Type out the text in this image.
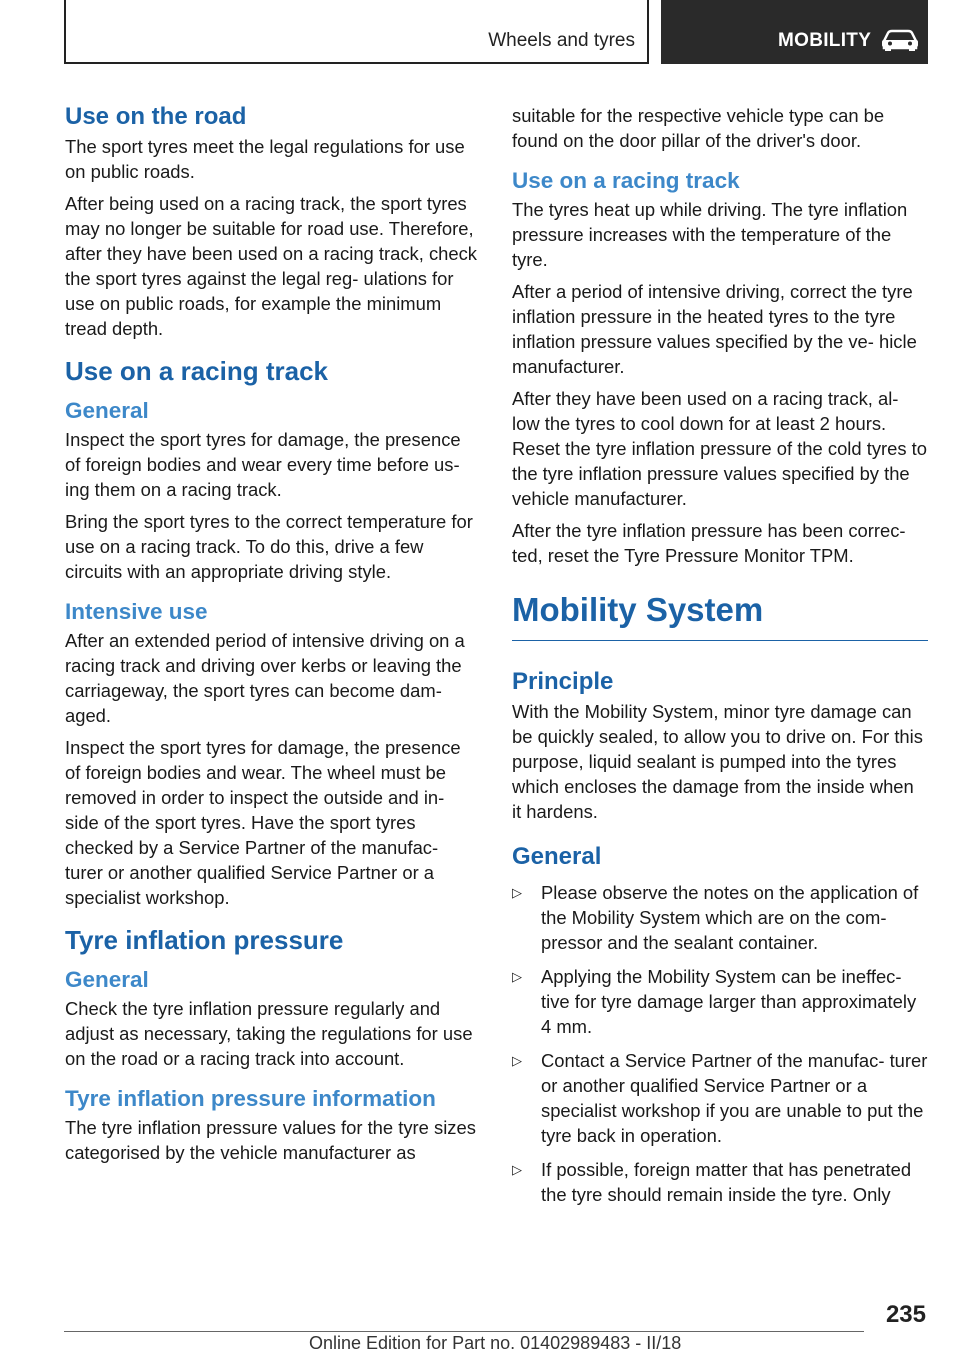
Wheels and tyres	MOBILITY
Use on the road

The sport tyres meet the legal regulations for use on public roads.

After being used on a racing track, the sport tyres may no longer be suitable for road use. Therefore, after they have been used on a racing track, check the sport tyres against the legal reg‐ ulations for use on public roads, for example the minimum tread depth.

Use on a racing track
General

Inspect the sport tyres for damage, the presence of foreign bodies and wear every time before us‐ ing them on a racing track.

Bring the sport tyres to the correct temperature for use on a racing track. To do this, drive a few circuits with an appropriate driving style.

Intensive use

After an extended period of intensive driving on a racing track and driving over kerbs or leaving the carriageway, the sport tyres can become dam‐ aged.

Inspect the sport tyres for damage, the presence of foreign bodies and wear. The wheel must be removed in order to inspect the outside and in‐ side of the sport tyres. Have the sport tyres checked by a Service Partner of the manufac‐ turer or another qualified Service Partner or a specialist workshop.

Tyre inflation pressure
General

Check the tyre inflation pressure regularly and adjust as necessary, taking the regulations for use on the road or a racing track into account.

Tyre inflation pressure information

The tyre inflation pressure values for the tyre sizes categorised by the vehicle manufacturer as

suitable for the respective vehicle type can be found on the door pillar of the driver's door.

Use on a racing track

The tyres heat up while driving. The tyre inflation pressure increases with the temperature of the tyre.

After a period of intensive driving, correct the tyre inflation pressure in the heated tyres to the tyre inflation pressure values specified by the ve‐ hicle manufacturer.

After they have been used on a racing track, al‐ low the tyres to cool down for at least 2 hours. Reset the tyre inflation pressure of the cold tyres to the tyre inflation pressure values specified by the vehicle manufacturer.

After the tyre inflation pressure has been correc‐ ted, reset the Tyre Pressure Monitor TPM.

Mobility System
Principle

With the Mobility System, minor tyre damage can be quickly sealed, to allow you to drive on. For this purpose, liquid sealant is pumped into the tyres which encloses the damage from the inside when it hardens.

General
▷ Please observe the notes on the application of the Mobility System which are on the com‐ pressor and the sealant container.
▷ Applying the Mobility System can be ineffec‐ tive for tyre damage larger than approximately 4 mm.
▷ Contact a Service Partner of the manufac‐ turer or another qualified Service Partner or a specialist workshop if you are unable to put the tyre back in operation.
▷ If possible, foreign matter that has penetrated the tyre should remain inside the tyre. Only
235
Online Edition for Part no. 01402989483 - II/18
